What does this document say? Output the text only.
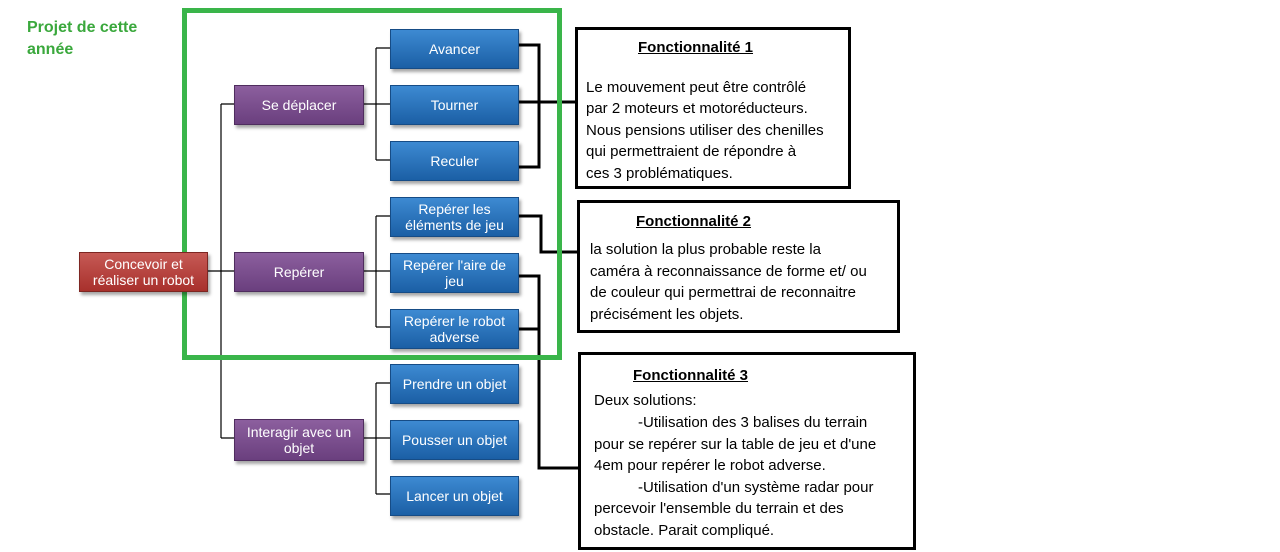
Projet de cette année
Concevoir et réaliser un robot
Se déplacer
Repérer
Interagir avec un objet
Avancer
Tourner
Reculer
Repérer les éléments de jeu
Repérer l'aire de jeu
Repérer le robot adverse
Prendre un objet
Pousser un objet
Lancer un objet
Fonctionnalité 1
Le mouvement peut être contrôlé
par 2 moteurs et motoréducteurs.
Nous pensions utiliser des chenilles
qui permettraient de répondre à
ces 3 problématiques.
Fonctionnalité 2
la solution la plus probable reste la
caméra à reconnaissance de forme et/ ou
de couleur qui permettrai de reconnaitre
précisément les objets.
Fonctionnalité 3
Deux solutions:
-Utilisation des 3 balises du terrain
pour se repérer sur la table de jeu et d'une
4em pour repérer le robot adverse.
-Utilisation d'un système radar pour
percevoir l'ensemble du terrain et des
obstacle. Parait compliqué.
